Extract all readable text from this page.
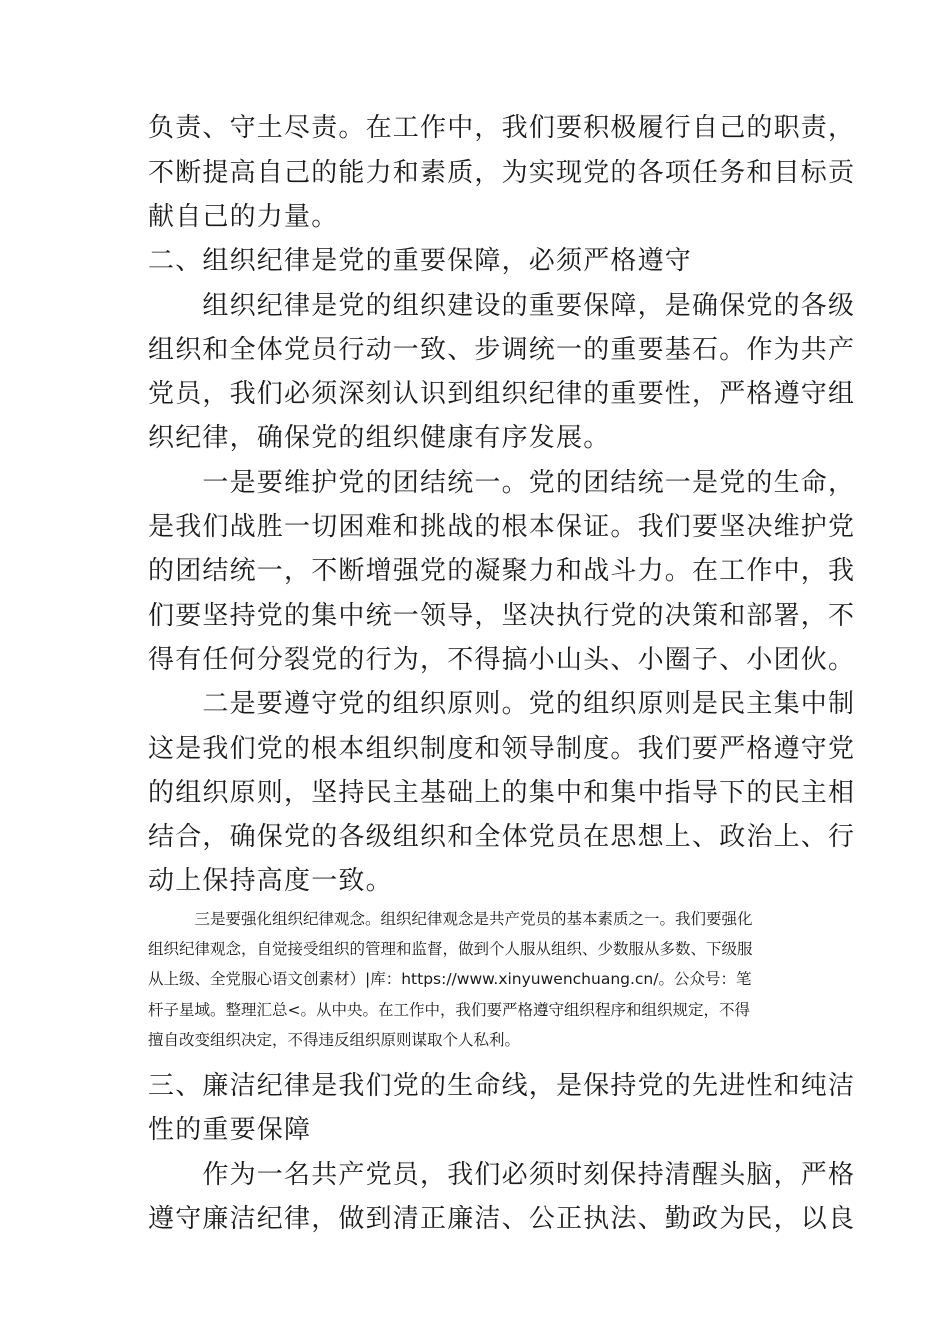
负责、守土尽责。在工作中，我们要积极履行自己的职责，

不断提高自己的能力和素质，为实现党的各项任务和目标贡

献自己的力量。

二、组织纪律是党的重要保障，必须严格遵守

　　组织纪律是党的组织建设的重要保障，是确保党的各级

组织和全体党员行动一致、步调统一的重要基石。作为共产

党员，我们必须深刻认识到组织纪律的重要性，严格遵守组

织纪律，确保党的组织健康有序发展。

　　一是要维护党的团结统一。党的团结统一是党的生命，

是我们战胜一切困难和挑战的根本保证。我们要坚决维护党

的团结统一，不断增强党的凝聚力和战斗力。在工作中，我

们要坚持党的集中统一领导，坚决执行党的决策和部署，不

得有任何分裂党的行为，不得搞小山头、小圈子、小团伙。

　　二是要遵守党的组织原则。党的组织原则是民主集中制

这是我们党的根本组织制度和领导制度。我们要严格遵守党

的组织原则，坚持民主基础上的集中和集中指导下的民主相

结合，确保党的各级组织和全体党员在思想上、政治上、行

动上保持高度一致。

　　　三是要强化组织纪律观念。组织纪律观念是共产党员的基本素质之一。我们要强化

组织纪律观念，自觉接受组织的管理和监督，做到个人服从组织、少数服从多数、下级服

从上级、全党服心语文创素材）|库：https://www.xinyuwenchuang.cn/。公众号：笔

杆子星域。整理汇总<。从中央。在工作中，我们要严格遵守组织程序和组织规定，不得

擅自改变组织决定，不得违反组织原则谋取个人私利。

三、廉洁纪律是我们党的生命线，是保持党的先进性和纯洁

性的重要保障

　　作为一名共产党员，我们必须时刻保持清醒头脑，严格

遵守廉洁纪律，做到清正廉洁、公正执法、勤政为民，以良
